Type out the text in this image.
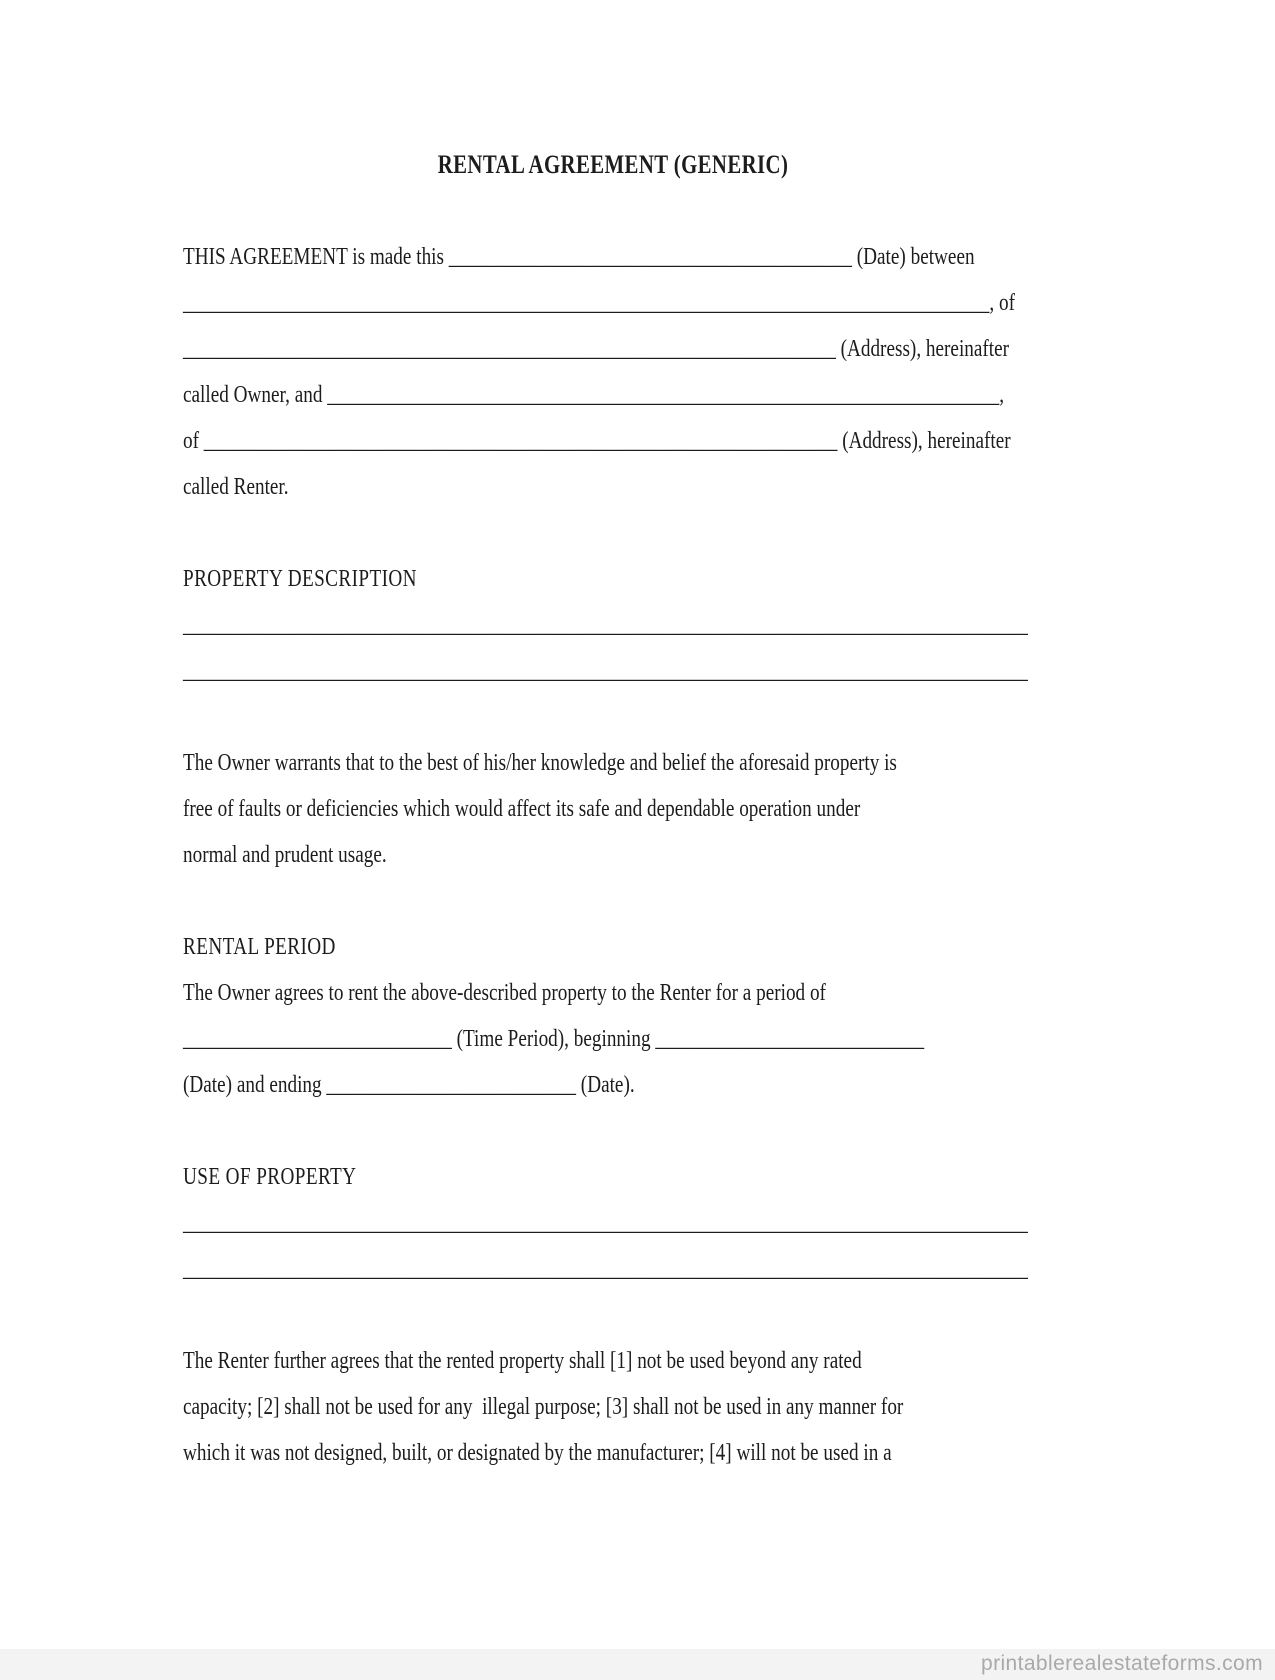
RENTAL AGREEMENT (GENERIC)
THIS AGREEMENT is made this __________________________________________ (Date) between
____________________________________________________________________________________, of
____________________________________________________________________ (Address), hereinafter
called Owner, and ______________________________________________________________________,
of __________________________________________________________________ (Address), hereinafter
called Renter.
PROPERTY DESCRIPTION
________________________________________________________________________________________
________________________________________________________________________________________
The Owner warrants that to the best of his/her knowledge and belief the aforesaid property is
free of faults or deficiencies which would affect its safe and dependable operation under
normal and prudent usage.
RENTAL PERIOD
The Owner agrees to rent the above-described property to the Renter for a period of
____________________________ (Time Period), beginning ____________________________
(Date) and ending __________________________ (Date).
USE OF PROPERTY
________________________________________________________________________________________
________________________________________________________________________________________
The Renter further agrees that the rented property shall [1] not be used beyond any rated
capacity; [2] shall not be used for any  illegal purpose; [3] shall not be used in any manner for
which it was not designed, built, or designated by the manufacturer; [4] will not be used in a
printablerealestateforms.com
